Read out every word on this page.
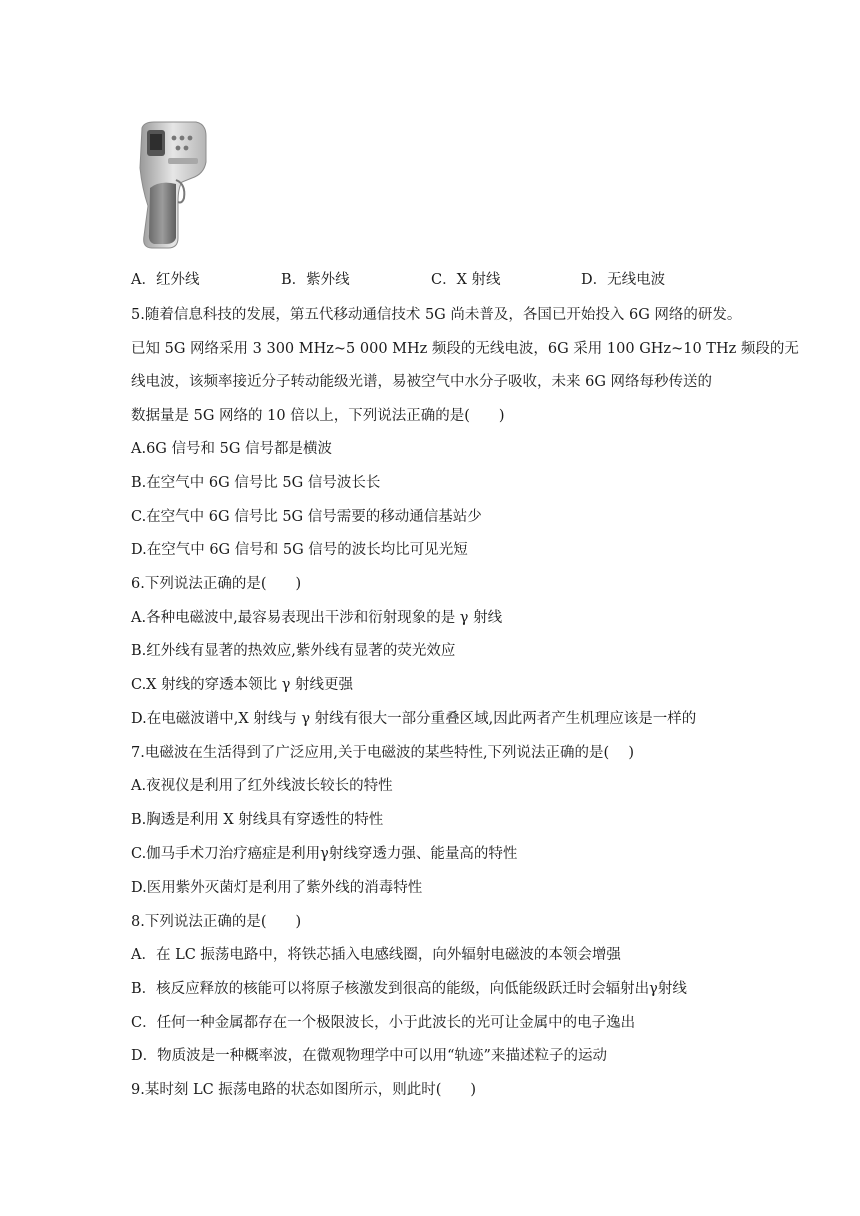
A．红外线	B．紫外线	C．X 射线	D．无线电波
5.随着信息科技的发展，第五代移动通信技术 5G 尚未普及，各国已开始投入 6G 网络的研发。
已知 5G 网络采用 3 300 MHz~5 000 MHz 频段的无线电波，6G 采用 100 GHz~10 THz 频段的无
线电波，该频率接近分子转动能级光谱，易被空气中水分子吸收，未来 6G 网络每秒传送的
数据量是 5G 网络的 10 倍以上，下列说法正确的是(　　)
A.6G 信号和 5G 信号都是横波
B.在空气中 6G 信号比 5G 信号波长长
C.在空气中 6G 信号比 5G 信号需要的移动通信基站少
D.在空气中 6G 信号和 5G 信号的波长均比可见光短
6.下列说法正确的是(　　)
A.各种电磁波中,最容易表现出干涉和衍射现象的是 γ 射线
B.红外线有显著的热效应,紫外线有显著的荧光效应
C.X 射线的穿透本领比 γ 射线更强
D.在电磁波谱中,X 射线与 γ 射线有很大一部分重叠区域,因此两者产生机理应该是一样的
7.电磁波在生活得到了广泛应用,关于电磁波的某些特性,下列说法正确的是(　 )
A.夜视仪是利用了红外线波长较长的特性
B.胸透是利用 X 射线具有穿透性的特性
C.伽马手术刀治疗癌症是利用γ射线穿透力强、能量高的特性
D.医用紫外灭菌灯是利用了紫外线的消毒特性
8.下列说法正确的是(　　)
A．在 LC 振荡电路中，将铁芯插入电感线圈，向外辐射电磁波的本领会增强
B．核反应释放的核能可以将原子核激发到很高的能级，向低能级跃迁时会辐射出γ射线
C．任何一种金属都存在一个极限波长，小于此波长的光可让金属中的电子逸出
D．物质波是一种概率波，在微观物理学中可以用“轨迹”来描述粒子的运动
9.某时刻 LC 振荡电路的状态如图所示，则此时(　　)
